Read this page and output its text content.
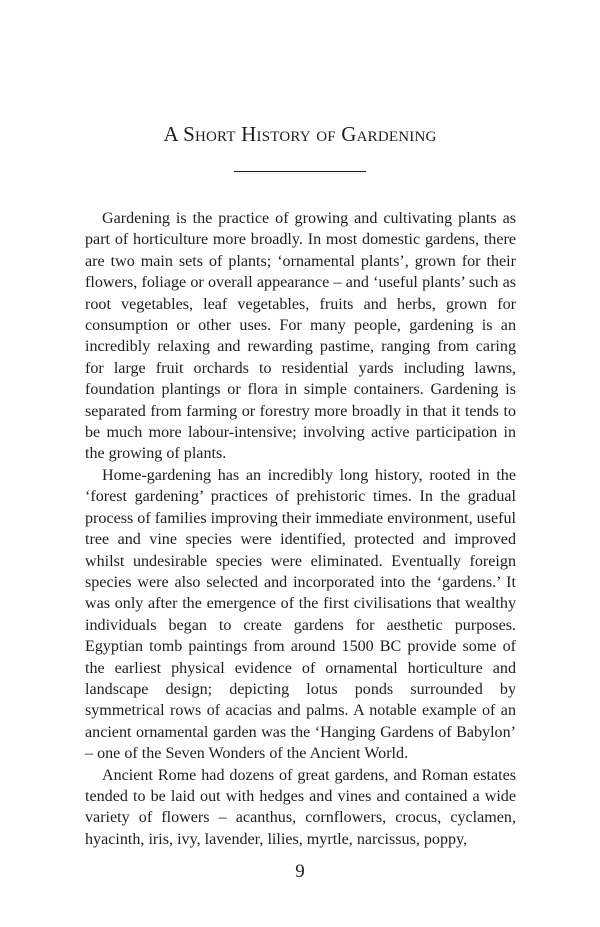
A Short History of Gardening

Gardening is the practice of growing and cultivating plants as part of horticulture more broadly. In most domestic gardens, there are two main sets of plants; ‘ornamental plants’, grown for their flowers, foliage or overall appearance – and ‘useful plants’ such as root vegetables, leaf vegetables, fruits and herbs, grown for consumption or other uses. For many people, gardening is an incredibly relaxing and rewarding pastime, ranging from caring for large fruit orchards to residential yards including lawns, foundation plantings or flora in simple containers. Gardening is separated from farming or forestry more broadly in that it tends to be much more labour-intensive; involving active participation in the growing of plants.

Home-gardening has an incredibly long history, rooted in the ‘forest gardening’ practices of prehistoric times. In the gradual process of families improving their immediate environment, useful tree and vine species were identified, protected and improved whilst undesirable species were eliminated. Eventually foreign species were also selected and incorporated into the ‘gardens.’ It was only after the emergence of the first civilisations that wealthy individuals began to create gardens for aesthetic purposes. Egyptian tomb paintings from around 1500 BC provide some of the earliest physical evidence of ornamental horticulture and landscape design; depicting lotus ponds surrounded by symmetrical rows of acacias and palms. A notable example of an ancient ornamental garden was the ‘Hanging Gardens of Babylon’ – one of the Seven Wonders of the Ancient World.

Ancient Rome had dozens of great gardens, and Roman estates tended to be laid out with hedges and vines and contained a wide variety of flowers – acanthus, cornflowers, crocus, cyclamen, hyacinth, iris, ivy, lavender, lilies, myrtle, narcissus, poppy,

9
